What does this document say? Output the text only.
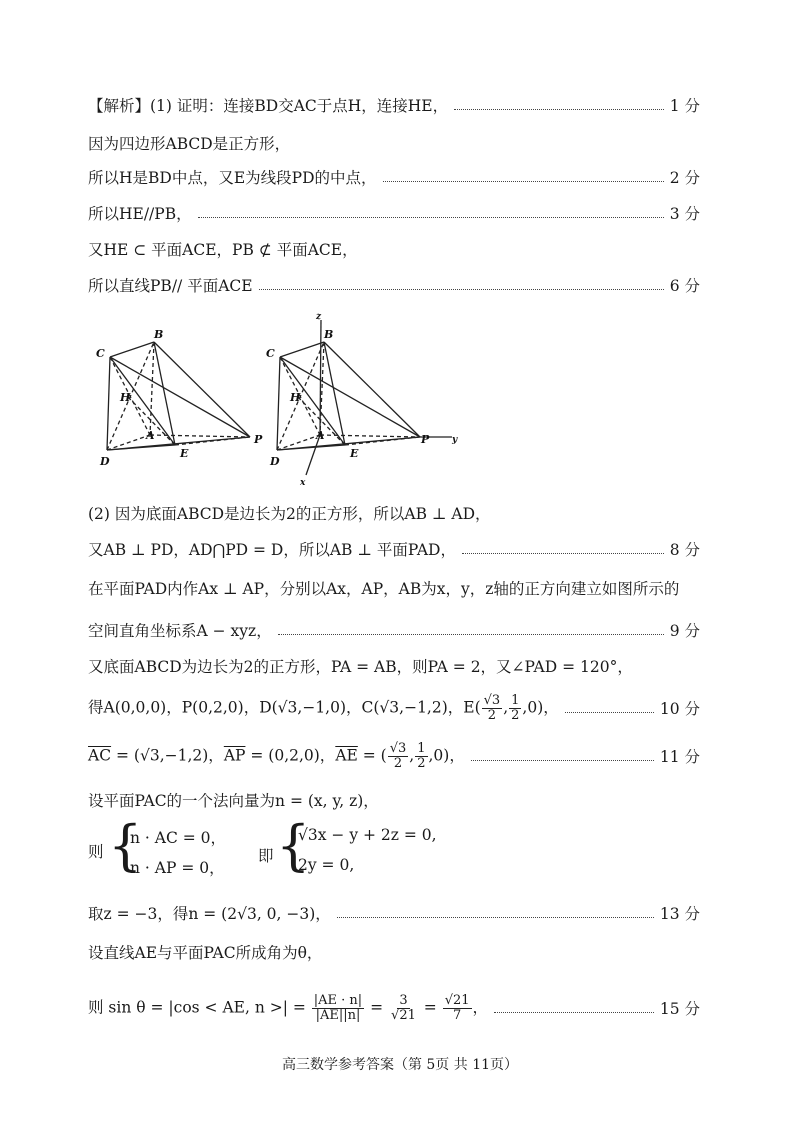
【解析】(1) 证明：连接BD交AC于点H，连接HE，	1 分
因为四边形ABCD是正方形，
所以H是BD中点，又E为线段PD的中点，	2 分
所以HE//PB，	3 分
又HE ⊂ 平面ACE，PB ⊄ 平面ACE，
所以直线PB// 平面ACE	6 分
B
C
H
A
D
E
P
B
C
H
A
D
E
P
x
y
z
(2) 因为底面ABCD是边长为2的正方形，所以AB ⊥ AD，
又AB ⊥ PD，AD⋂PD = D，所以AB ⊥ 平面PAD，	8 分
在平面PAD内作Ax ⊥ AP，分别以Ax，AP，AB为x，y，z轴的正方向建立如图所示的
空间直角坐标系A − xyz，	9 分
又底面ABCD为边长为2的正方形，PA = AB，则PA = 2，又∠PAD = 120°，
得A(0,0,0)，P(0,2,0)，D(√3,−1,0)，C(√3,−1,2)，$E( \frac{√3}{2}$ , $\frac{1}{2} ,0$)，	10 分
$\overline{AC} = (√3,-1,2)$，$\overline{AP} = (0,2,0)$，$\overline{AE}$ = ( $\frac{√3}{2}$ , $\frac{1}{2} ,0$)，	11 分
设平面PAC的一个法向量为n = (x, y, z)，
则 {
n · AC = 0，
n · AP = 0，
即 {
√3x − y + 2z = 0,
2y = 0,
取z = −3，得n = (2√3, 0, −3)，	13 分
设直线AE与平面PAC所成角为θ，
则 sin θ = |cos < AE, n >| = $\frac{|AE \cdot n|}{|AE||n|} = \frac{3}{√21} = \frac{√21}{7}$ ，	15 分
高三数学参考答案（第 5页 共 11页）
